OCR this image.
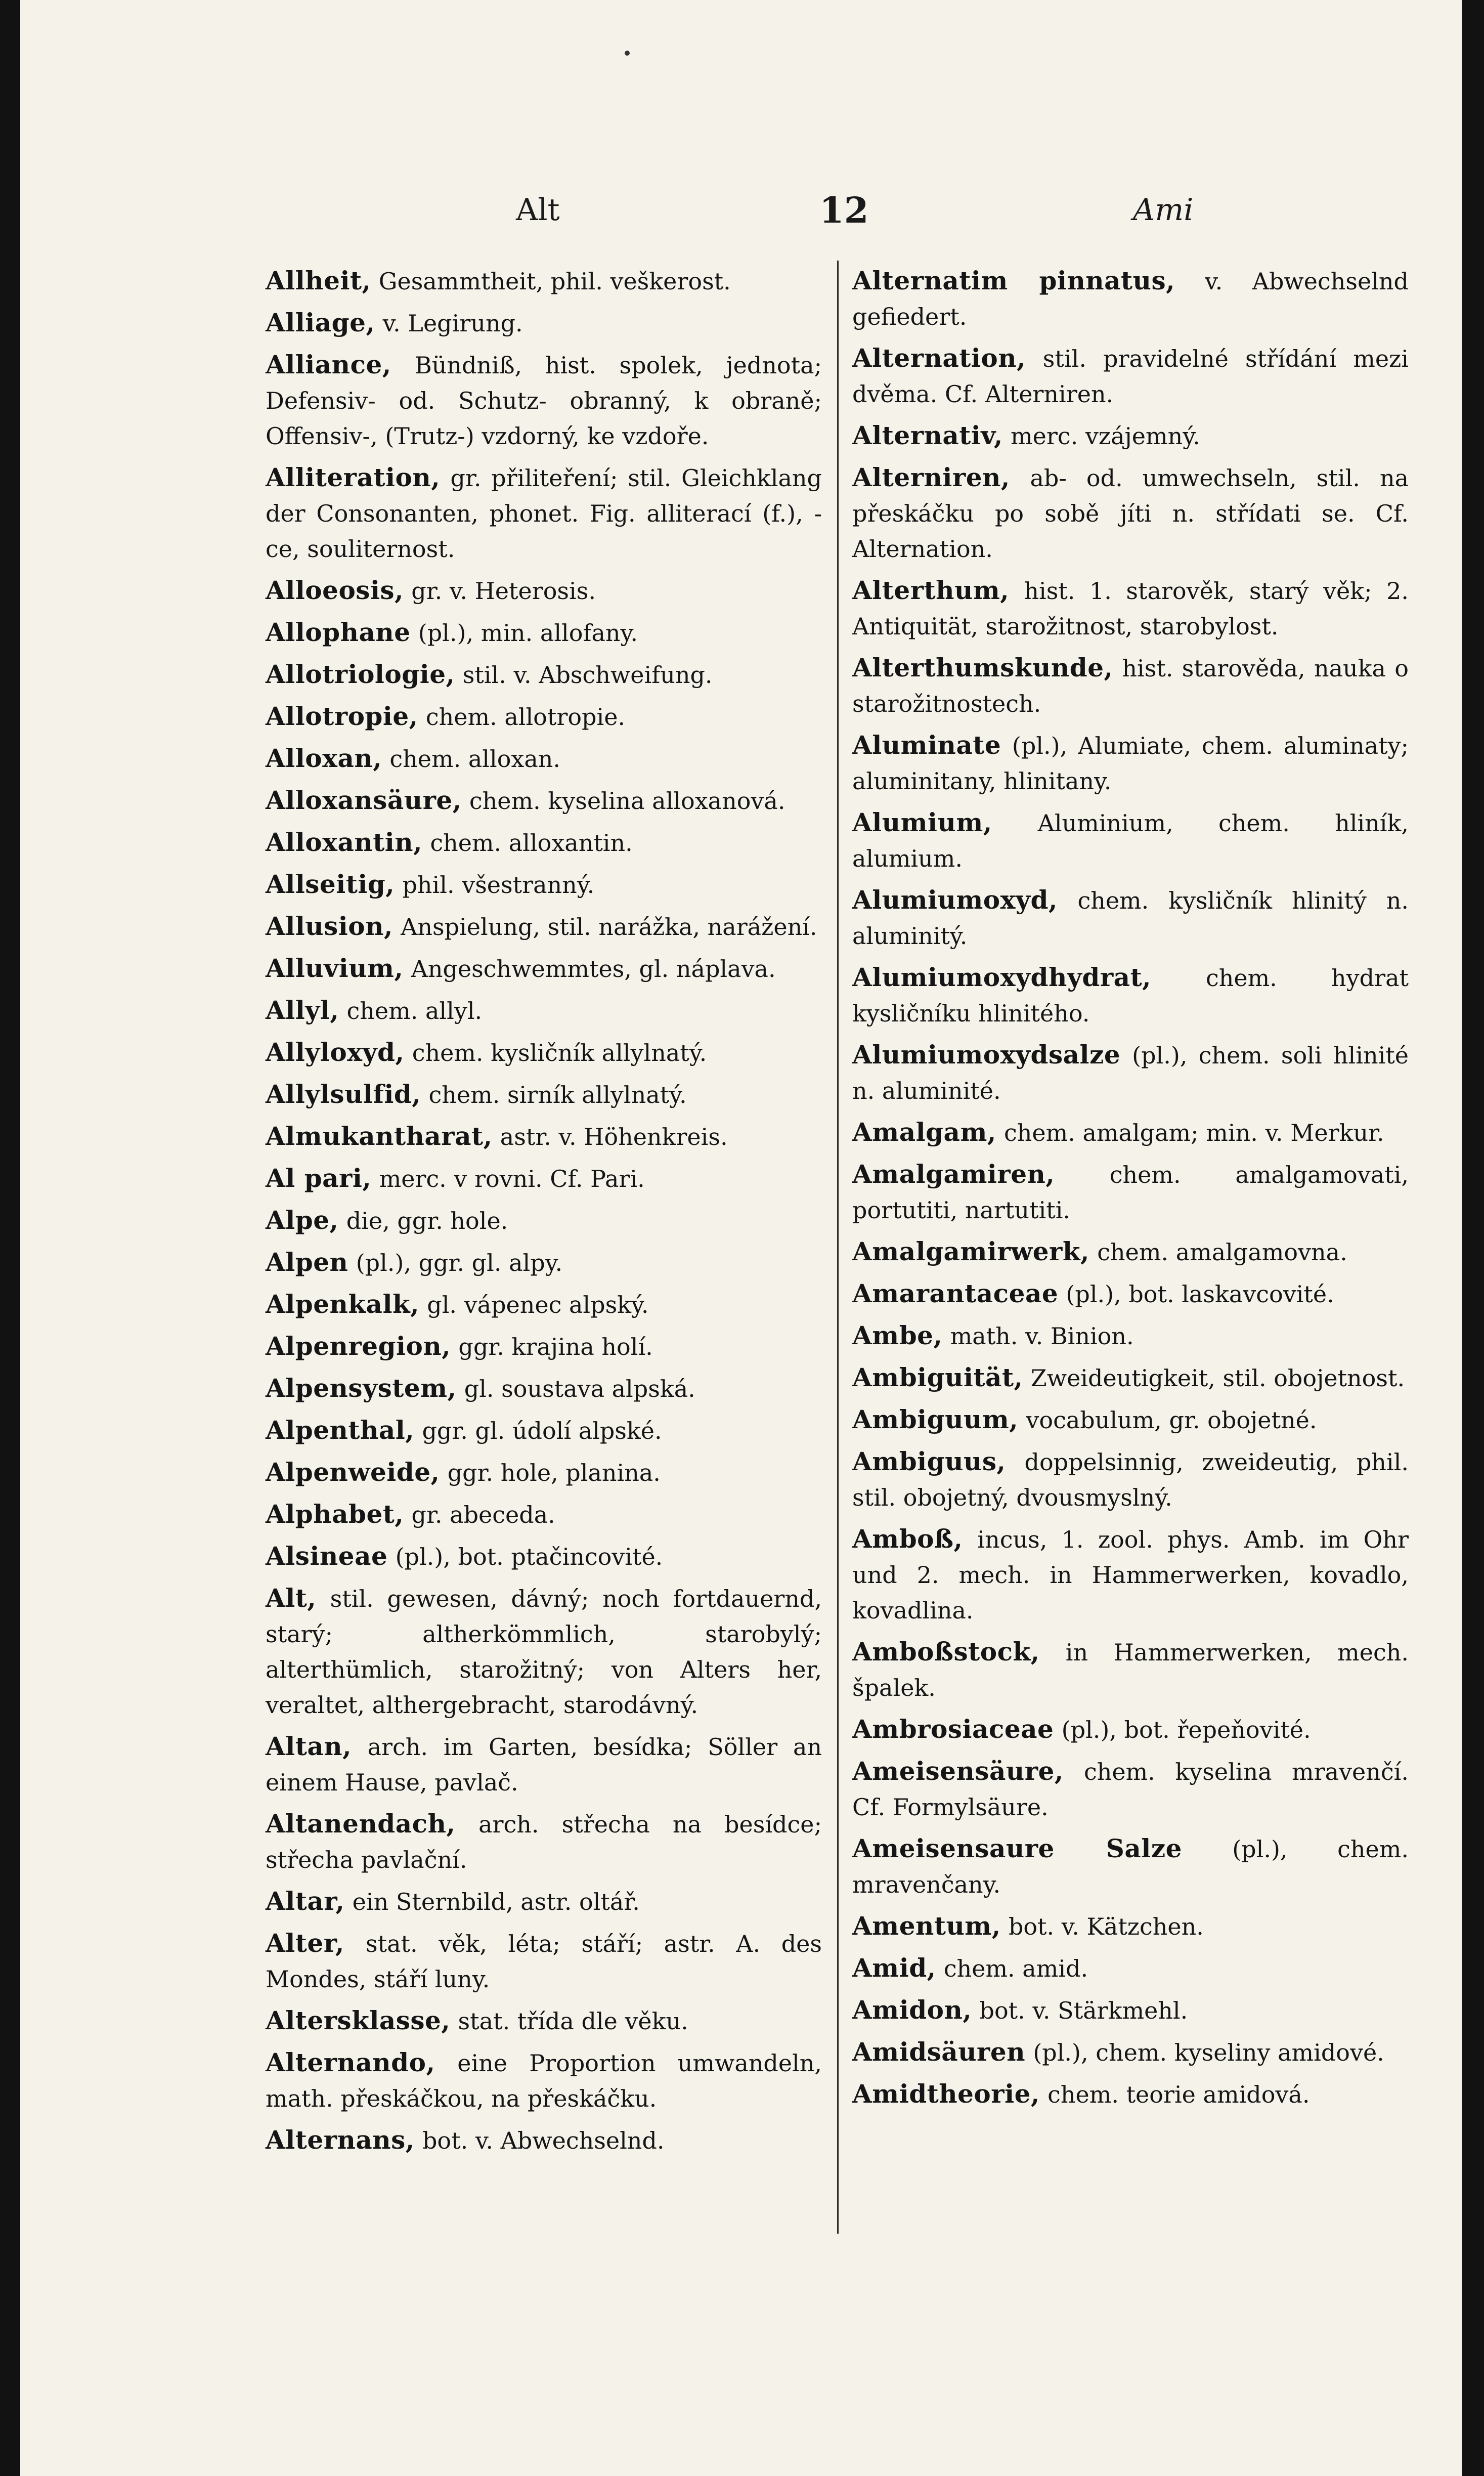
Alt	12	Ami
Allheit, Gesammtheit, phil. veškerost.
Alliage, v. Legirung.
Alliance, Bündniß, hist. spolek, jednota; Defensiv- od. Schutz- obranný, k obraně; Offensiv-, (Trutz-) vzdorný, ke vzdoře.
Alliteration, gr. přiliteření; stil. Gleichklang der Consonanten, phonet. Fig. alliterací (f.), -ce, souliternost.
Alloeosis, gr. v. Heterosis.
Allophane (pl.), min. allofany.
Allotriologie, stil. v. Abschweifung.
Allotropie, chem. allotropie.
Alloxan, chem. alloxan.
Alloxansäure, chem. kyselina alloxanová.
Alloxantin, chem. alloxantin.
Allseitig, phil. všestranný.
Allusion, Anspielung, stil. narážka, narážení.
Alluvium, Angeschwemmtes, gl. náplava.
Allyl, chem. allyl.
Allyloxyd, chem. kysličník allylnatý.
Allylsulfid, chem. sirník allylnatý.
Almukantharat, astr. v. Höhenkreis.
Al pari, merc. v rovni. Cf. Pari.
Alpe, die, ggr. hole.
Alpen (pl.), ggr. gl. alpy.
Alpenkalk, gl. vápenec alpský.
Alpenregion, ggr. krajina holí.
Alpensystem, gl. soustava alpská.
Alpenthal, ggr. gl. údolí alpské.
Alpenweide, ggr. hole, planina.
Alphabet, gr. abeceda.
Alsineae (pl.), bot. ptačincovité.
Alt, stil. gewesen, dávný; noch fortdauernd, starý; altherkömmlich, starobylý; alterthümlich, starožitný; von Alters her, veraltet, althergebracht, starodávný.
Altan, arch. im Garten, besídka; Söller an einem Hause, pavlač.
Altanendach, arch. střecha na besídce; střecha pavlační.
Altar, ein Sternbild, astr. oltář.
Alter, stat. věk, léta; stáří; astr. A. des Mondes, stáří luny.
Altersklasse, stat. třída dle věku.
Alternando, eine Proportion umwandeln, math. přeskáčkou, na přeskáčku.
Alternans, bot. v. Abwechselnd.
Alternatim pinnatus, v. Abwechselnd gefiedert.
Alternation, stil. pravidelné střídání mezi dvěma. Cf. Alterniren.
Alternativ, merc. vzájemný.
Alterniren, ab- od. umwechseln, stil. na přeskáčku po sobě jíti n. střídati se. Cf. Alternation.
Alterthum, hist. 1. starověk, starý věk; 2. Antiquität, starožitnost, starobylost.
Alterthumskunde, hist. starověda, nauka o starožitnostech.
Aluminate (pl.), Alumiate, chem. aluminaty; aluminitany, hlinitany.
Alumium, Aluminium, chem. hliník, alumium.
Alumiumoxyd, chem. kysličník hlinitý n. aluminitý.
Alumiumoxydhydrat, chem. hydrat kysličníku hlinitého.
Alumiumoxydsalze (pl.), chem. soli hlinité n. aluminité.
Amalgam, chem. amalgam; min. v. Merkur.
Amalgamiren, chem. amalgamovati, portutiti, nartutiti.
Amalgamirwerk, chem. amalgamovna.
Amarantaceae (pl.), bot. laskavcovité.
Ambe, math. v. Binion.
Ambiguität, Zweideutigkeit, stil. obojetnost.
Ambiguum, vocabulum, gr. obojetné.
Ambiguus, doppelsinnig, zweideutig, phil. stil. obojetný, dvousmyslný.
Amboß, incus, 1. zool. phys. Amb. im Ohr und 2. mech. in Hammerwerken, kovadlo, kovadlina.
Amboßstock, in Hammerwerken, mech. špalek.
Ambrosiaceae (pl.), bot. řepeňovité.
Ameisensäure, chem. kyselina mravenčí. Cf. Formylsäure.
Ameisensaure Salze (pl.), chem. mravenčany.
Amentum, bot. v. Kätzchen.
Amid, chem. amid.
Amidon, bot. v. Stärkmehl.
Amidsäuren (pl.), chem. kyseliny amidové.
Amidtheorie, chem. teorie amidová.
